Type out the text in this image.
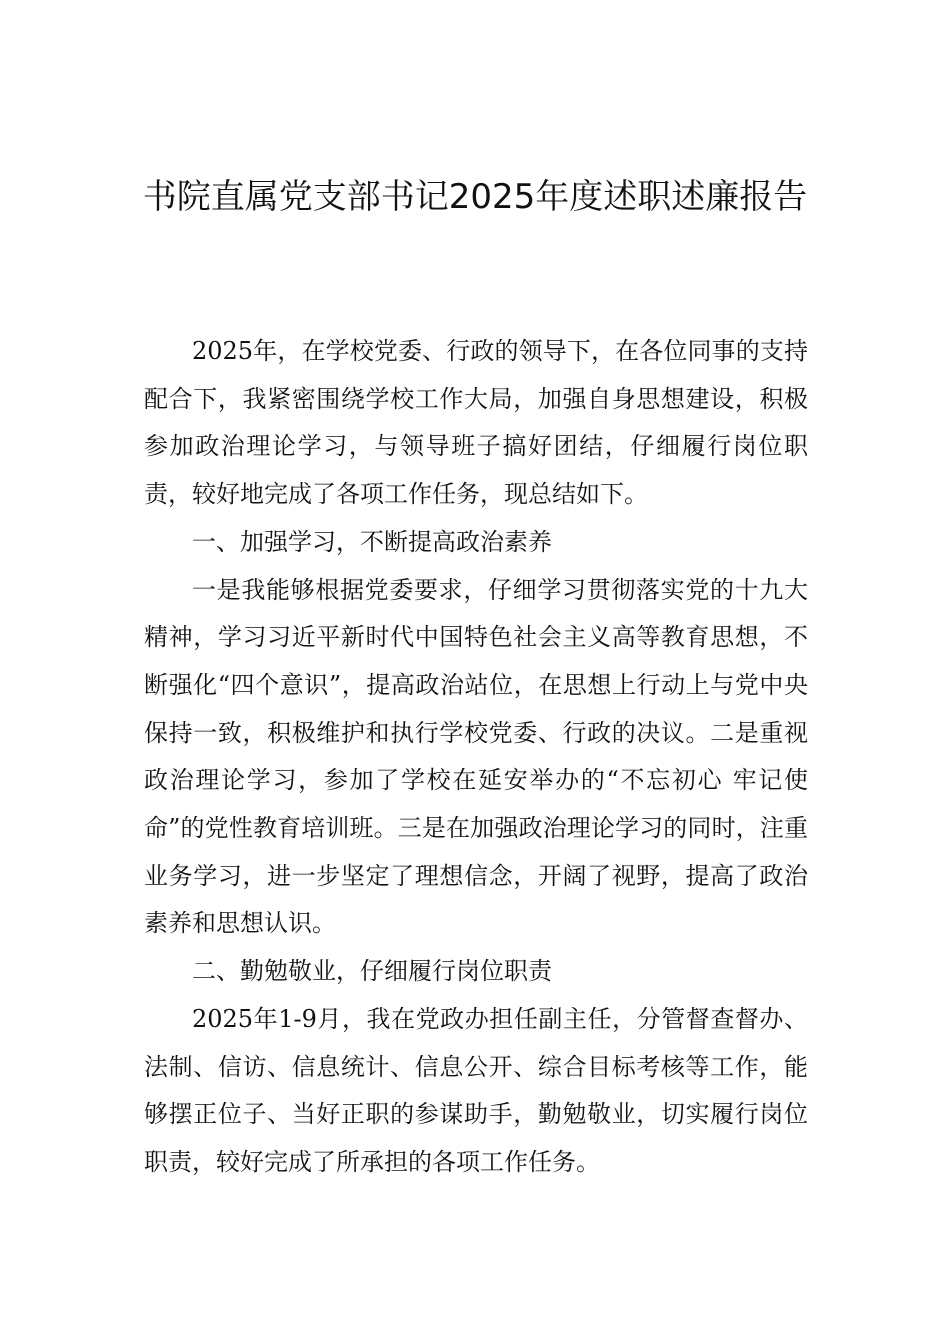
书院直属党支部书记2025年度述职述廉报告

2025年，在学校党委、行政的领导下，在各位同事的支持配合下，我紧密围绕学校工作大局，加强自身思想建设，积极参加政治理论学习，与领导班子搞好团结，仔细履行岗位职责，较好地完成了各项工作任务，现总结如下。

一、加强学习，不断提高政治素养

一是我能够根据党委要求，仔细学习贯彻落实党的十九大精神，学习习近平新时代中国特色社会主义高等教育思想，不断强化“四个意识”，提高政治站位，在思想上行动上与党中央保持一致，积极维护和执行学校党委、行政的决议。二是重视政治理论学习，参加了学校在延安举办的“不忘初心 牢记使命”的党性教育培训班。三是在加强政治理论学习的同时，注重业务学习，进一步坚定了理想信念，开阔了视野，提高了政治素养和思想认识。

二、勤勉敬业，仔细履行岗位职责

2025年1-9月，我在党政办担任副主任，分管督查督办、法制、信访、信息统计、信息公开、综合目标考核等工作，能够摆正位子、当好正职的参谋助手，勤勉敬业，切实履行岗位职责，较好完成了所承担的各项工作任务。
